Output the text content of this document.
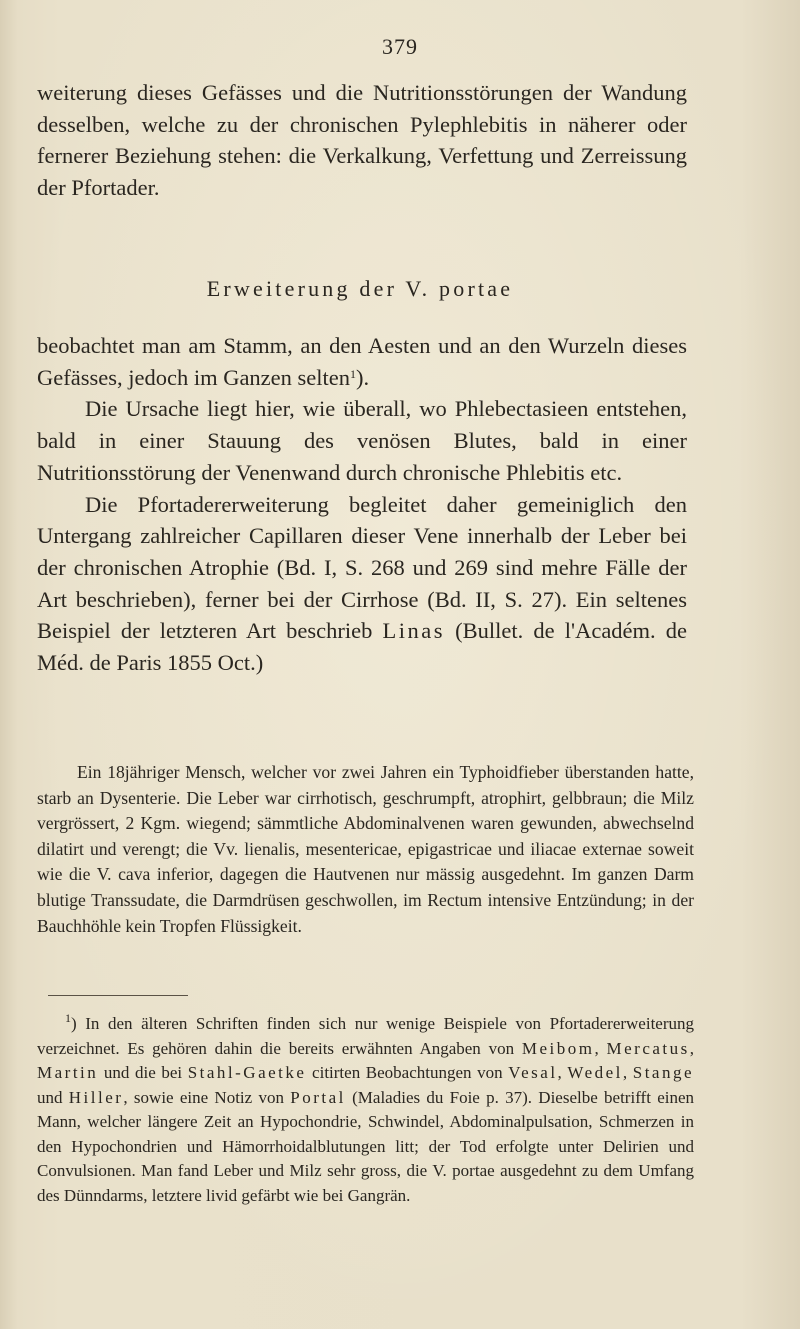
379

weiterung dieses Gefässes und die Nutritionsstörungen der Wandung desselben, welche zu der chronischen Pylephlebitis in näherer oder fernerer Beziehung stehen: die Verkalkung, Verfettung und Zerreissung der Pfortader.

Erweiterung der V. portae

beobachtet man am Stamm, an den Aesten und an den Wurzeln dieses Gefässes, jedoch im Ganzen selten$^1$).

Die Ursache liegt hier, wie überall, wo Phlebectasieen entstehen, bald in einer Stauung des venösen Blutes, bald in einer Nutritionsstörung der Venenwand durch chronische Phlebitis etc.

Die Pfortadererweiterung begleitet daher gemeiniglich den Untergang zahlreicher Capillaren dieser Vene innerhalb der Leber bei der chronischen Atrophie (Bd. I, S. 268 und 269 sind mehre Fälle der Art beschrieben), ferner bei der Cirrhose (Bd. II, S. 27). Ein seltenes Beispiel der letzteren Art beschrieb Linas (Bullet. de l'Académ. de Méd. de Paris 1855 Oct.)

Ein 18jähriger Mensch, welcher vor zwei Jahren ein Typhoidfieber überstanden hatte, starb an Dysenterie. Die Leber war cirrhotisch, geschrumpft, atrophirt, gelbbraun; die Milz vergrössert, 2 Kgm. wiegend; sämmtliche Abdominalvenen waren gewunden, abwechselnd dilatirt und verengt; die Vv. lienalis, mesentericae, epigastricae und iliacae externae soweit wie die V. cava inferior, dagegen die Hautvenen nur mässig ausgedehnt. Im ganzen Darm blutige Transsudate, die Darmdrüsen geschwollen, im Rectum intensive Entzündung; in der Bauchhöhle kein Tropfen Flüssigkeit.

$^1$) In den älteren Schriften finden sich nur wenige Beispiele von Pfortadererweiterung verzeichnet. Es gehören dahin die bereits erwähnten Angaben von Meibom, Mercatus, Martin und die bei Stahl-Gaetke citirten Beobachtungen von Vesal, Wedel, Stange und Hiller, sowie eine Notiz von Portal (Maladies du Foie p. 37). Dieselbe betrifft einen Mann, welcher längere Zeit an Hypochondrie, Schwindel, Abdominalpulsation, Schmerzen in den Hypochondrien und Hämorrhoidalblutungen litt; der Tod erfolgte unter Delirien und Convulsionen. Man fand Leber und Milz sehr gross, die V. portae ausgedehnt zu dem Umfang des Dünndarms, letztere livid gefärbt wie bei Gangrän.
